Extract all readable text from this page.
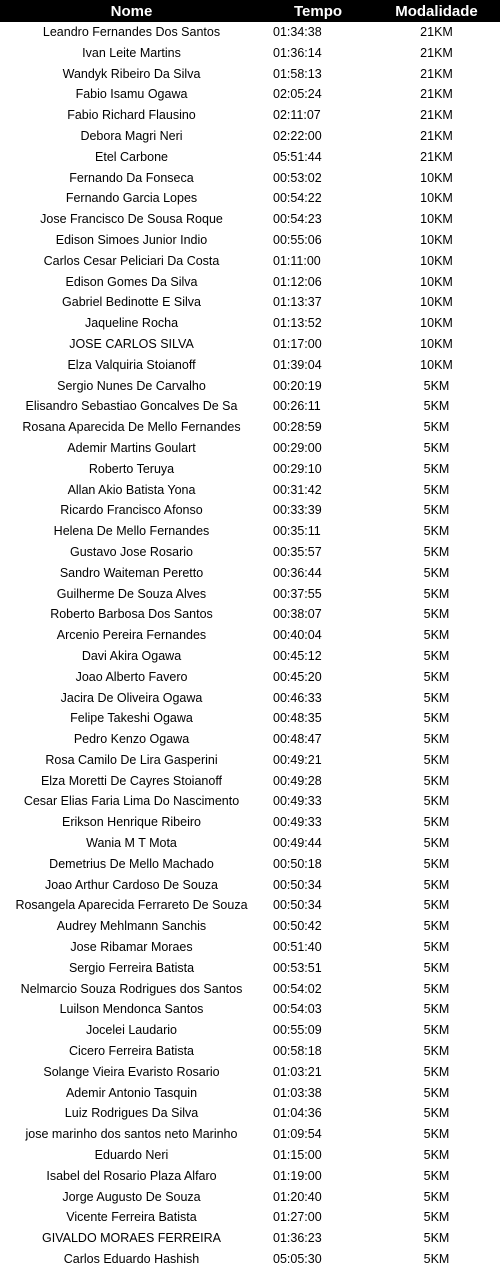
Nome	Tempo	Modalidade
Leandro Fernandes Dos Santos	01:34:38	21KM
Ivan Leite Martins	01:36:14	21KM
Wandyk Ribeiro Da Silva	01:58:13	21KM
Fabio Isamu Ogawa	02:05:24	21KM
Fabio Richard Flausino	02:11:07	21KM
Debora Magri Neri	02:22:00	21KM
Etel Carbone	05:51:44	21KM
Fernando Da Fonseca	00:53:02	10KM
Fernando Garcia Lopes	00:54:22	10KM
Jose Francisco De Sousa Roque	00:54:23	10KM
Edison Simoes Junior Indio	00:55:06	10KM
Carlos Cesar Peliciari Da Costa	01:11:00	10KM
Edison Gomes Da Silva	01:12:06	10KM
Gabriel Bedinotte E Silva	01:13:37	10KM
Jaqueline Rocha	01:13:52	10KM
JOSE CARLOS SILVA	01:17:00	10KM
Elza Valquiria Stoianoff	01:39:04	10KM
Sergio Nunes De Carvalho	00:20:19	5KM
Elisandro Sebastiao Goncalves De Sa	00:26:11	5KM
Rosana Aparecida De Mello Fernandes	00:28:59	5KM
Ademir Martins Goulart	00:29:00	5KM
Roberto Teruya	00:29:10	5KM
Allan Akio Batista Yona	00:31:42	5KM
Ricardo Francisco Afonso	00:33:39	5KM
Helena De Mello Fernandes	00:35:11	5KM
Gustavo Jose Rosario	00:35:57	5KM
Sandro Waiteman Peretto	00:36:44	5KM
Guilherme De Souza Alves	00:37:55	5KM
Roberto Barbosa Dos Santos	00:38:07	5KM
Arcenio Pereira Fernandes	00:40:04	5KM
Davi Akira Ogawa	00:45:12	5KM
Joao Alberto Favero	00:45:20	5KM
Jacira De Oliveira Ogawa	00:46:33	5KM
Felipe Takeshi Ogawa	00:48:35	5KM
Pedro Kenzo Ogawa	00:48:47	5KM
Rosa Camilo De Lira Gasperini	00:49:21	5KM
Elza Moretti De Cayres Stoianoff	00:49:28	5KM
Cesar Elias Faria Lima Do Nascimento	00:49:33	5KM
Erikson Henrique Ribeiro	00:49:33	5KM
Wania M T Mota	00:49:44	5KM
Demetrius De Mello Machado	00:50:18	5KM
Joao Arthur Cardoso De Souza	00:50:34	5KM
Rosangela Aparecida Ferrareto De Souza	00:50:34	5KM
Audrey Mehlmann Sanchis	00:50:42	5KM
Jose Ribamar Moraes	00:51:40	5KM
Sergio Ferreira Batista	00:53:51	5KM
Nelmarcio Souza Rodrigues dos Santos	00:54:02	5KM
Luilson Mendonca Santos	00:54:03	5KM
Jocelei Laudario	00:55:09	5KM
Cicero Ferreira Batista	00:58:18	5KM
Solange Vieira Evaristo Rosario	01:03:21	5KM
Ademir Antonio Tasquin	01:03:38	5KM
Luiz Rodrigues Da Silva	01:04:36	5KM
jose marinho dos santos neto Marinho	01:09:54	5KM
Eduardo Neri	01:15:00	5KM
Isabel del Rosario Plaza Alfaro	01:19:00	5KM
Jorge Augusto De Souza	01:20:40	5KM
Vicente Ferreira Batista	01:27:00	5KM
GIVALDO MORAES FERREIRA	01:36:23	5KM
Carlos Eduardo Hashish	05:05:30	5KM
